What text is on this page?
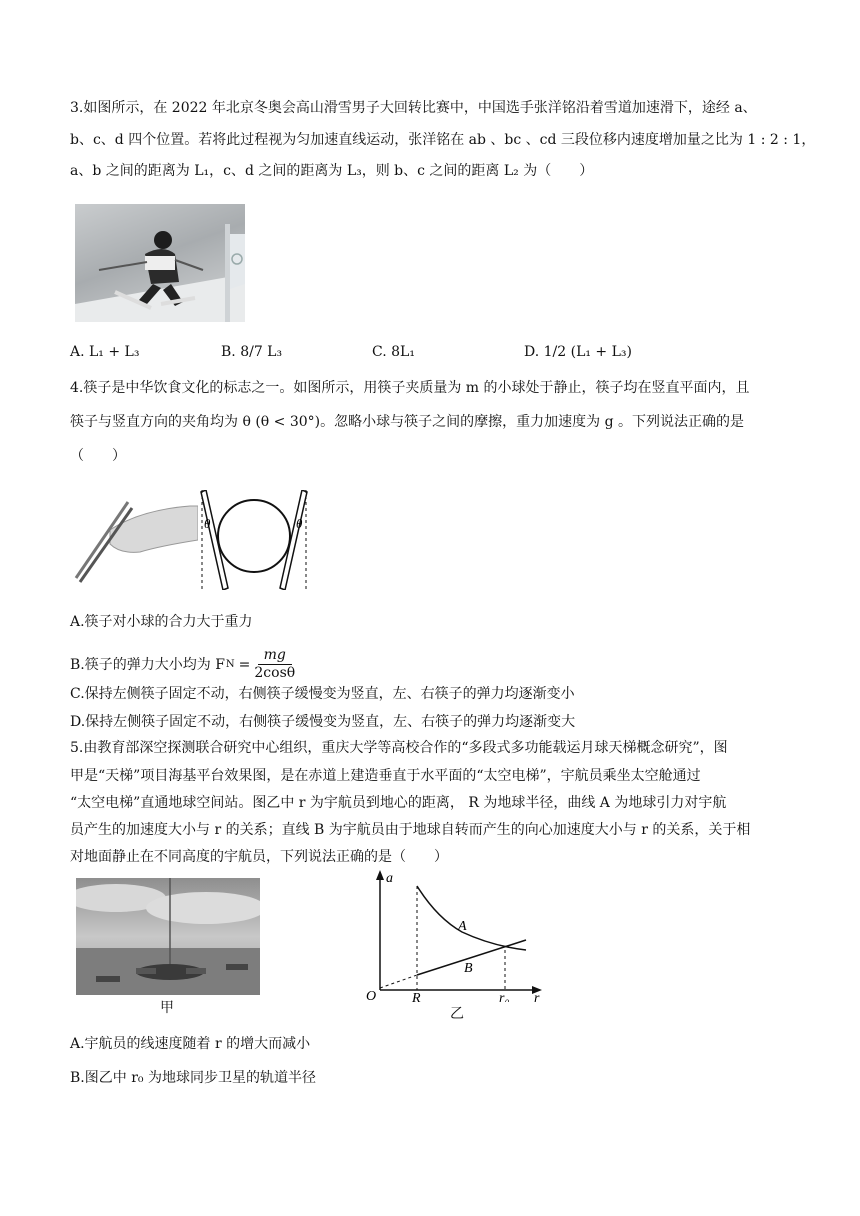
3.如图所示，在 2022 年北京冬奥会高山滑雪男子大回转比赛中，中国选手张洋铭沿着雪道加速滑下，途经 a、
b、c、d 四个位置。若将此过程视为匀加速直线运动，张洋铭在 ab 、bc 、cd 三段位移内速度增加量之比为 1 : 2 : 1，
a、b 之间的距离为 L₁，c、d 之间的距离为 L₃，则 b、c 之间的距离 L₂ 为（　　）
A. L₁ + L₃	B. 8/7 L₃	C. 8L₁	D. 1/2 (L₁ + L₃)
4.筷子是中华饮食文化的标志之一。如图所示，用筷子夹质量为 m 的小球处于静止，筷子均在竖直平面内，且
筷子与竖直方向的夹角均为 θ (θ < 30°)。忽略小球与筷子之间的摩擦，重力加速度为 g 。下列说法正确的是
（　　）
θ	θ
A.筷子对小球的合力大于重力
B.筷子的弹力大小均为 F $N = \frac{mg}{2\cos\theta}$
C.保持左侧筷子固定不动，右侧筷子缓慢变为竖直，左、右筷子的弹力均逐渐变小
D.保持左侧筷子固定不动，右侧筷子缓慢变为竖直，左、右筷子的弹力均逐渐变大
5.由教育部深空探测联合研究中心组织，重庆大学等高校合作的“多段式多功能载运月球天梯概念研究”，图
甲是“天梯”项目海基平台效果图，是在赤道上建造垂直于水平面的“太空电梯”，宇航员乘坐太空舱通过
“太空电梯”直通地球空间站。图乙中 r 为宇航员到地心的距离， R 为地球半径，曲线 A 为地球引力对宇航
员产生的加速度大小与 r 的关系；直线 B 为宇航员由于地球自转而产生的向心加速度大小与 r 的关系，关于相
对地面静止在不同高度的宇航员，下列说法正确的是（　　）
甲
a
O	R	r₀ r
A
B
乙
A.宇航员的线速度随着 r 的增大而减小
B.图乙中 r₀ 为地球同步卫星的轨道半径
